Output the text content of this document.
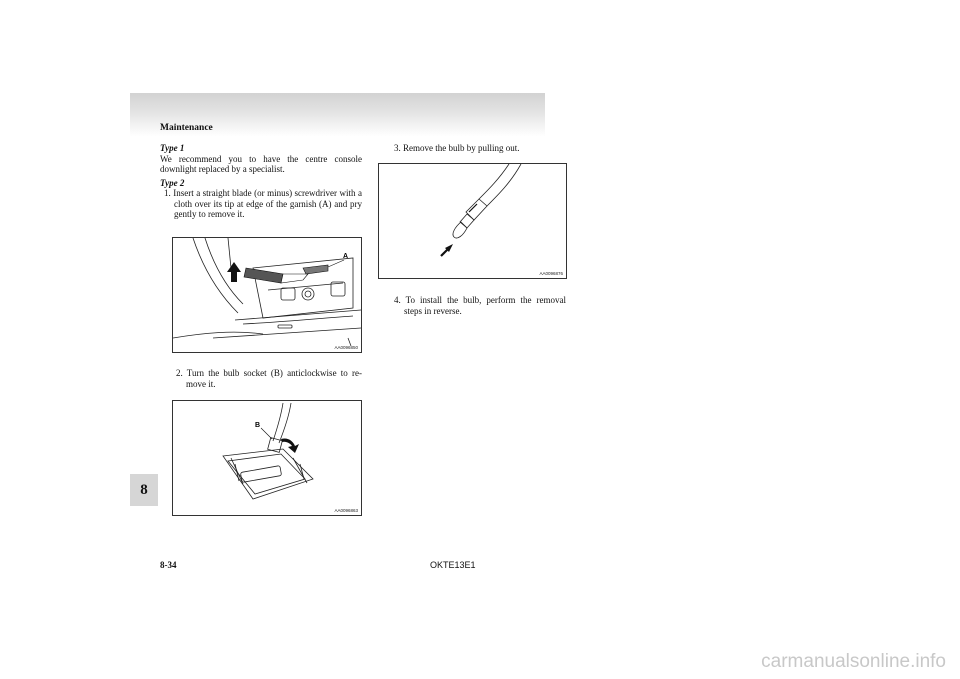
Maintenance

Type 1

We recommend you to have the centre console downlight replaced by a specialist.

Type 2

1. Insert a straight blade (or minus) screwdriver with a cloth over its tip at edge of the garnish (A) and pry gently to remove it.

A
AA0096850

2. Turn the bulb socket (B) anticlockwise to re-move it.

B
AA0096863

3. Remove the bulb by pulling out.

AA0096876

4. To install the bulb, perform the removal steps in reverse.

8
8-34	OKTE13E1
carmanualsonline.info
